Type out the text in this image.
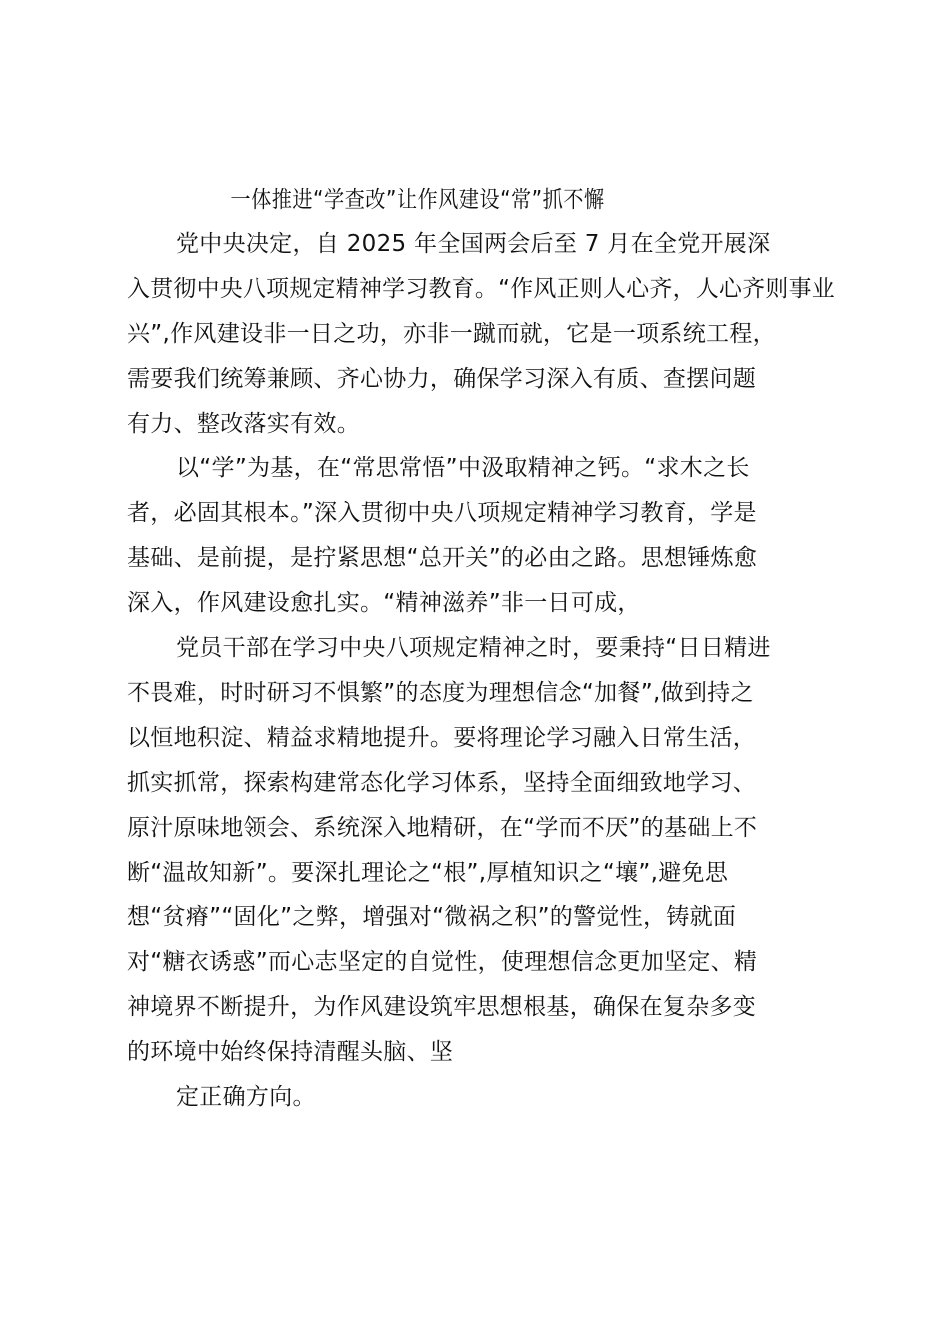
一体推进“学查改”让作风建设“常”抓不懈
党中央决定，自 2025 年全国两会后至 7 月在全党开展深
入贯彻中央八项规定精神学习教育。“作风正则人心齐，人心齐则事业
兴”,作风建设非一日之功，亦非一蹴而就，它是一项系统工程，
需要我们统筹兼顾、齐心协力，确保学习深入有质、查摆问题
有力、整改落实有效。
以“学”为基，在“常思常悟”中汲取精神之钙。“求木之长
者，必固其根本。”深入贯彻中央八项规定精神学习教育，学是
基础、是前提，是拧紧思想“总开关”的必由之路。思想锤炼愈
深入，作风建设愈扎实。“精神滋养”非一日可成，
党员干部在学习中央八项规定精神之时，要秉持“日日精进
不畏难，时时研习不惧繁”的态度为理想信念“加餐”,做到持之
以恒地积淀、精益求精地提升。要将理论学习融入日常生活，
抓实抓常，探索构建常态化学习体系，坚持全面细致地学习、
原汁原味地领会、系统深入地精研，在“学而不厌”的基础上不
断“温故知新”。要深扎理论之“根”,厚植知识之“壤”,避免思
想“贫瘠”“固化”之弊，增强对“微祸之积”的警觉性，铸就面
对“糖衣诱惑”而心志坚定的自觉性，使理想信念更加坚定、精
神境界不断提升，为作风建设筑牢思想根基，确保在复杂多变
的环境中始终保持清醒头脑、坚
定正确方向。
